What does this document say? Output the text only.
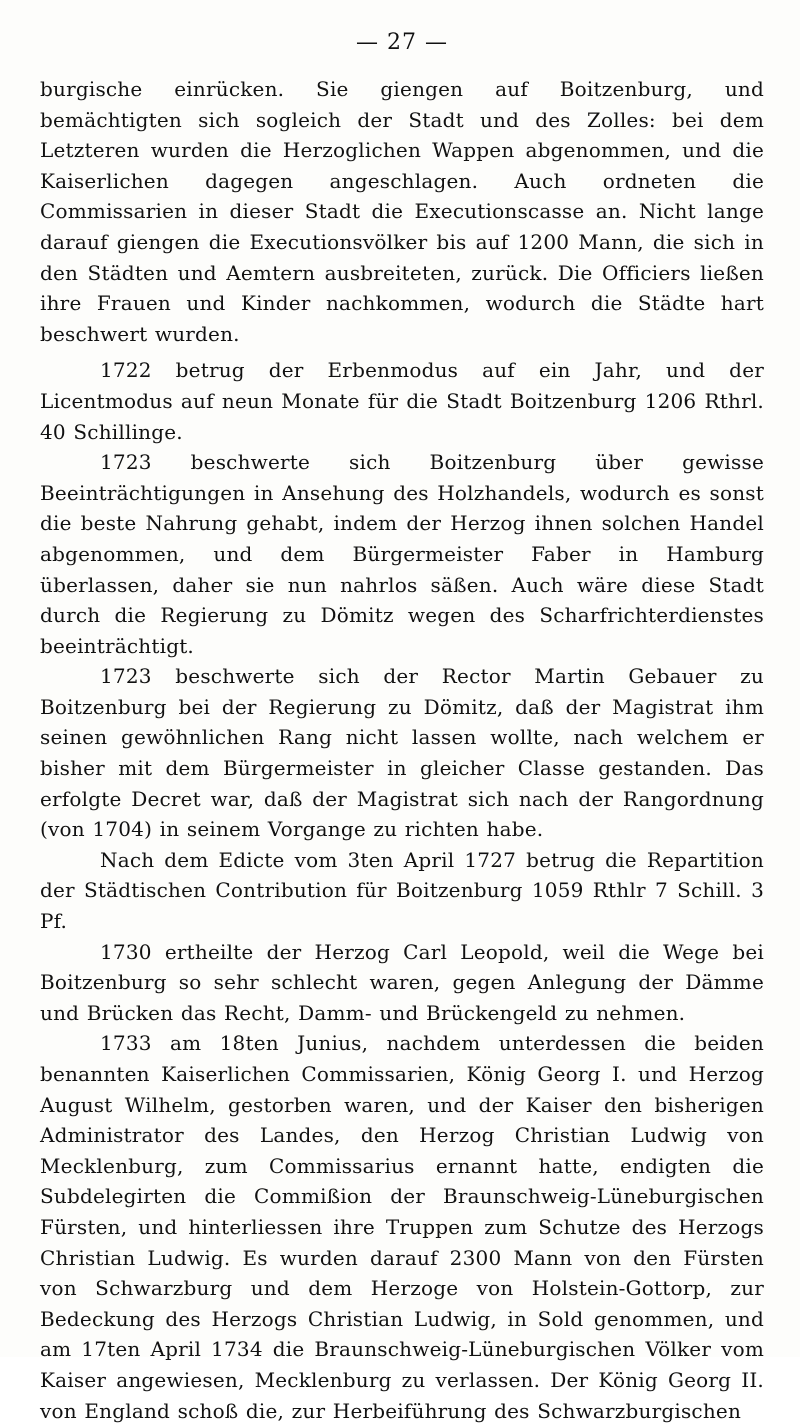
— 27 —

burgische einrücken. Sie giengen auf Boitzenburg, und bemächtigten sich sogleich der Stadt und des Zolles: bei dem Letzteren wurden die Herzoglichen Wappen abgenommen, und die Kaiserlichen dagegen angeschlagen. Auch ordneten die Commissarien in dieser Stadt die Executionscasse an. Nicht lange darauf giengen die Executionsvölker bis auf 1200 Mann, die sich in den Städten und Aemtern ausbreiteten, zurück. Die Officiers ließen ihre Frauen und Kinder nachkommen, wodurch die Städte hart beschwert wurden.

1722 betrug der Erbenmodus auf ein Jahr, und der Licentmodus auf neun Monate für die Stadt Boitzenburg 1206 Rthrl. 40 Schillinge.

1723 beschwerte sich Boitzenburg über gewisse Beeinträchtigungen in Ansehung des Holzhandels, wodurch es sonst die beste Nahrung gehabt, indem der Herzog ihnen solchen Handel abgenommen, und dem Bürgermeister Faber in Hamburg überlassen, daher sie nun nahrlos säßen. Auch wäre diese Stadt durch die Regierung zu Dömitz wegen des Scharfrichterdienstes beeinträchtigt.

1723 beschwerte sich der Rector Martin Gebauer zu Boitzenburg bei der Regierung zu Dömitz, daß der Magistrat ihm seinen gewöhnlichen Rang nicht lassen wollte, nach welchem er bisher mit dem Bürgermeister in gleicher Classe gestanden. Das erfolgte Decret war, daß der Magistrat sich nach der Rangordnung (von 1704) in seinem Vorgange zu richten habe.

Nach dem Edicte vom 3ten April 1727 betrug die Repartition der Städtischen Contribution für Boitzenburg 1059 Rthlr 7 Schill. 3 Pf.

1730 ertheilte der Herzog Carl Leopold, weil die Wege bei Boitzenburg so sehr schlecht waren, gegen Anlegung der Dämme und Brücken das Recht, Damm- und Brückengeld zu nehmen.

1733 am 18ten Junius, nachdem unterdessen die beiden benannten Kaiserlichen Commissarien, König Georg I. und Herzog August Wilhelm, gestorben waren, und der Kaiser den bisherigen Administrator des Landes, den Herzog Christian Ludwig von Mecklenburg, zum Commissarius ernannt hatte, endigten die Subdelegirten die Commißion der Braunschweig-Lüneburgischen Fürsten, und hinterliessen ihre Truppen zum Schutze des Herzogs Christian Ludwig. Es wurden darauf 2300 Mann von den Fürsten von Schwarzburg und dem Herzoge von Holstein-Gottorp, zur Bedeckung des Herzogs Christian Ludwig, in Sold genommen, und am 17ten April 1734 die Braunschweig-Lüneburgischen Völker vom Kaiser angewiesen, Mecklenburg zu verlassen. Der König Georg II. von England schoß die, zur Herbeiführung des Schwarzburgischen
